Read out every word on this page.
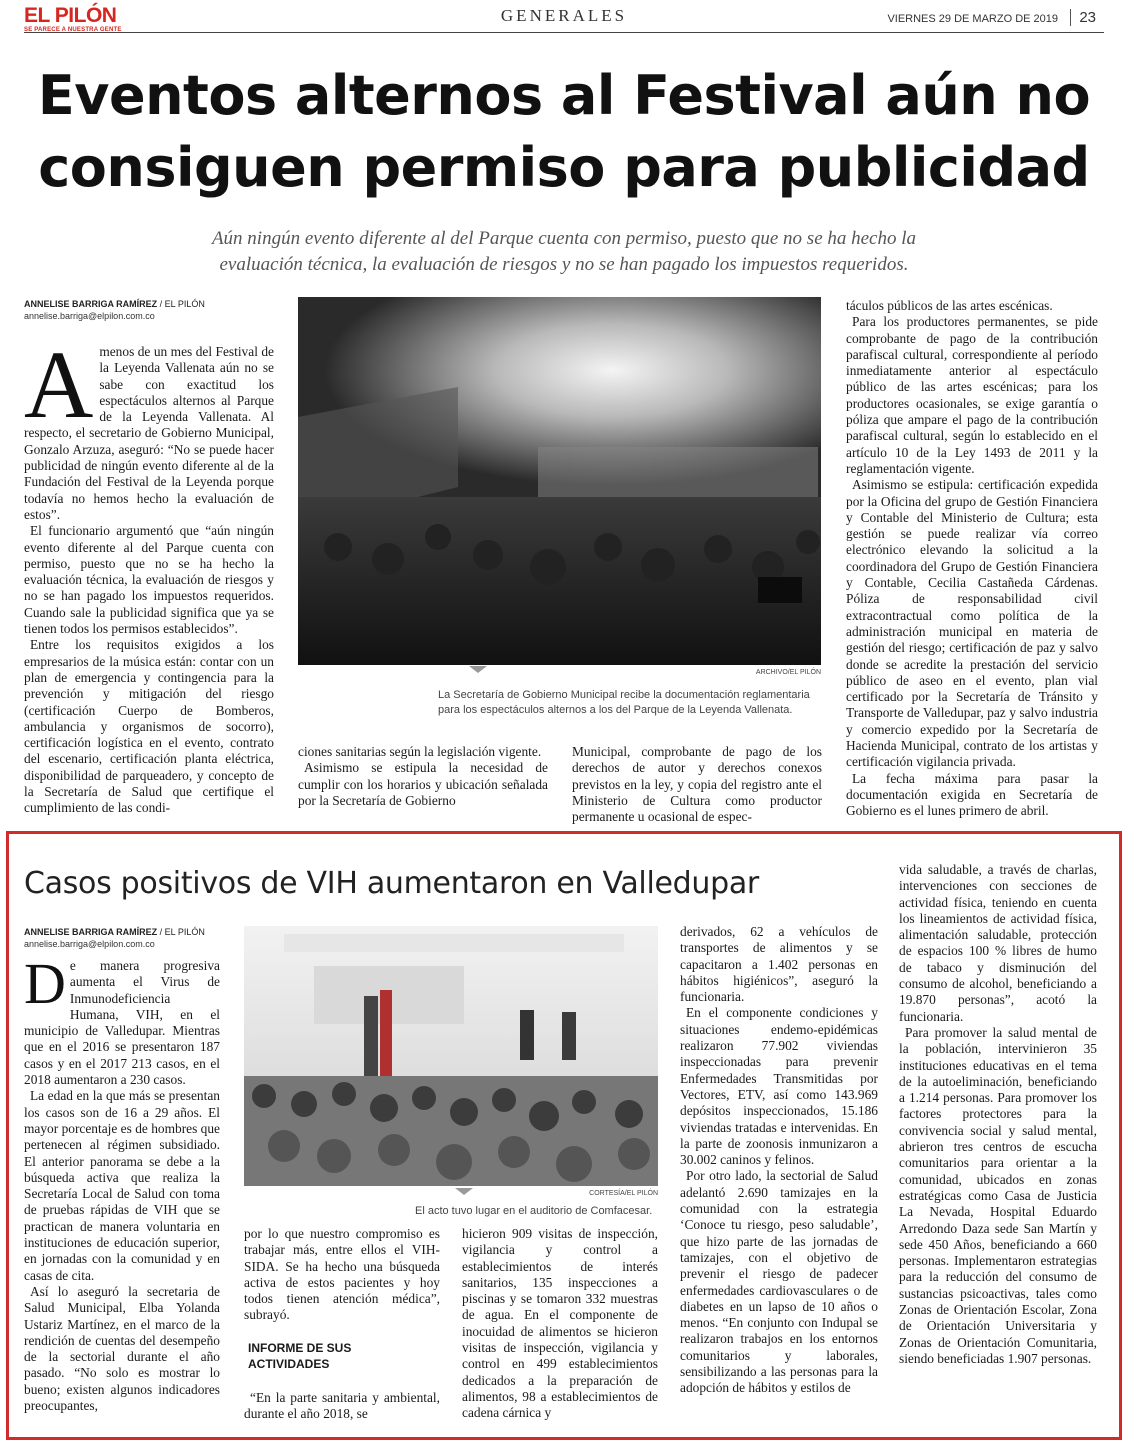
EL PILÓN
SE PARECE A NUESTRA GENTE
GENERALES	VIERNES 29 DE MARZO DE 2019	23
Eventos alternos al Festival aún no
consiguen permiso para publicidad
Aún ningún evento diferente al del Parque cuenta con permiso, puesto que no se ha hecho la
evaluación técnica, la evaluación de riesgos y no se han pagado los impuestos requeridos.
ANNELISE BARRIGA RAMÍREZ / EL PILÓN
annelise.barriga@elpilon.com.co

Amenos de un mes del Festival de la Leyenda Vallenata aún no se sabe con exactitud los espectáculos alternos al Parque de la Leyenda Vallenata. Al respecto, el secretario de Gobierno Municipal, Gonzalo Arzuza, aseguró: “No se puede hacer publicidad de ningún evento diferente al de la Fundación del Festival de la Leyenda porque todavía no hemos hecho la evaluación de estos”.

El funcionario argumentó que “aún ningún evento diferente al del Parque cuenta con permiso, puesto que no se ha hecho la evaluación técnica, la evaluación de riesgos y no se han pagado los impuestos requeridos. Cuando sale la publicidad significa que ya se tienen todos los permisos establecidos”.

Entre los requisitos exigidos a los empresarios de la música están: contar con un plan de emergencia y contingencia para la prevención y mitigación del riesgo (certificación Cuerpo de Bomberos, ambulancia y organismos de socorro), certificación logística en el evento, contrato del escenario, certificación planta eléctrica, disponibilidad de parqueadero, y concepto de la Secretaría de Salud que certifique el cumplimiento de las condi-

ARCHIVO/EL PILÓN
La Secretaría de Gobierno Municipal recibe la documentación reglamentaria
para los espectáculos alternos a los del Parque de la Leyenda Vallenata.

ciones sanitarias según la legislación vigente.

Asimismo se estipula la necesidad de cumplir con los horarios y ubicación señalada por la Secretaría de Gobierno

Municipal, comprobante de pago de los derechos de autor y derechos conexos previstos en la ley, y copia del registro ante el Ministerio de Cultura como productor permanente u ocasional de espec-

táculos públicos de las artes escénicas.

Para los productores permanentes, se pide comprobante de pago de la contribución parafiscal cultural, correspondiente al período inmediatamente anterior al espectáculo público de las artes escénicas; para los productores ocasionales, se exige garantía o póliza que ampare el pago de la contribución parafiscal cultural, según lo establecido en el artículo 10 de la Ley 1493 de 2011 y la reglamentación vigente.

Asimismo se estipula: certificación expedida por la Oficina del grupo de Gestión Financiera y Contable del Ministerio de Cultura; esta gestión se puede realizar vía correo electrónico elevando la solicitud a la coordinadora del Grupo de Gestión Financiera y Contable, Cecilia Castañeda Cárdenas. Póliza de responsabilidad civil extracontractual como política de la administración municipal en materia de gestión del riesgo; certificación de paz y salvo donde se acredite la prestación del servicio público de aseo en el evento, plan vial certificado por la Secretaría de Tránsito y Transporte de Valledupar, paz y salvo industria y comercio expedido por la Secretaría de Hacienda Municipal, contrato de los artistas y certificación vigilancia privada.

La fecha máxima para pasar la documentación exigida en Secretaría de Gobierno es el lunes primero de abril.

Casos positivos de VIH aumentaron en Valledupar
ANNELISE BARRIGA RAMÍREZ / EL PILÓN
annelise.barriga@elpilon.com.co

De manera progresiva aumenta el Virus de Inmunodeficiencia Humana, VIH, en el municipio de Valledupar. Mientras que en el 2016 se presentaron 187 casos y en el 2017 213 casos, en el 2018 aumentaron a 230 casos.

La edad en la que más se presentan los casos son de 16 a 29 años. El mayor porcentaje es de hombres que pertenecen al régimen subsidiado. El anterior panorama se debe a la búsqueda activa que realiza la Secretaría Local de Salud con toma de pruebas rápidas de VIH que se practican de manera voluntaria en instituciones de educación superior, en jornadas con la comunidad y en casas de cita.

Así lo aseguró la secretaria de Salud Municipal, Elba Yolanda Ustariz Martínez, en el marco de la rendición de cuentas del desempeño de la sectorial durante el año pasado. “No solo es mostrar lo bueno; existen algunos indicadores preocupantes,

CORTESÍA/EL PILÓN
El acto tuvo lugar en el auditorio de Comfacesar.

por lo que nuestro compromiso es trabajar más, entre ellos el VIH-SIDA. Se ha hecho una búsqueda activa de estos pacientes y hoy todos tienen atención médica”, subrayó.

INFORME DE SUS
ACTIVIDADES

“En la parte sanitaria y ambiental, durante el año 2018, se

hicieron 909 visitas de inspección, vigilancia y control a establecimientos de interés sanitarios, 135 inspecciones a piscinas y se tomaron 332 muestras de agua. En el componente de inocuidad de alimentos se hicieron visitas de inspección, vigilancia y control en 499 establecimientos dedicados a la preparación de alimentos, 98 a establecimientos de cadena cárnica y

derivados, 62 a vehículos de transportes de alimentos y se capacitaron a 1.402 personas en hábitos higiénicos”, aseguró la funcionaria.

En el componente condiciones y situaciones endemo-epidémicas realizaron 77.902 viviendas inspeccionadas para prevenir Enfermedades Transmitidas por Vectores, ETV, así como 143.969 depósitos inspeccionados, 15.186 viviendas tratadas e intervenidas. En la parte de zoonosis inmunizaron a 30.002 caninos y felinos.

Por otro lado, la sectorial de Salud adelantó 2.690 tamizajes en la comunidad con la estrategia ‘Conoce tu riesgo, peso saludable’, que hizo parte de las jornadas de tamizajes, con el objetivo de prevenir el riesgo de padecer enfermedades cardiovasculares o de diabetes en un lapso de 10 años o menos. “En conjunto con Indupal se realizaron trabajos en los entornos comunitarios y laborales, sensibilizando a las personas para la adopción de hábitos y estilos de

vida saludable, a través de charlas, intervenciones con secciones de actividad física, teniendo en cuenta los lineamientos de actividad física, alimentación saludable, protección de espacios 100 % libres de humo de tabaco y disminución del consumo de alcohol, beneficiando a 19.870 personas”, acotó la funcionaria.

Para promover la salud mental de la población, intervinieron 35 instituciones educativas en el tema de la autoeliminación, beneficiando a 1.214 personas. Para promover los factores protectores para la convivencia social y salud mental, abrieron tres centros de escucha comunitarios para orientar a la comunidad, ubicados en zonas estratégicas como Casa de Justicia La Nevada, Hospital Eduardo Arredondo Daza sede San Martín y sede 450 Años, beneficiando a 660 personas. Implementaron estrategias para la reducción del consumo de sustancias psicoactivas, tales como Zonas de Orientación Escolar, Zona de Orientación Universitaria y Zonas de Orientación Comunitaria, siendo beneficiadas 1.907 personas.
